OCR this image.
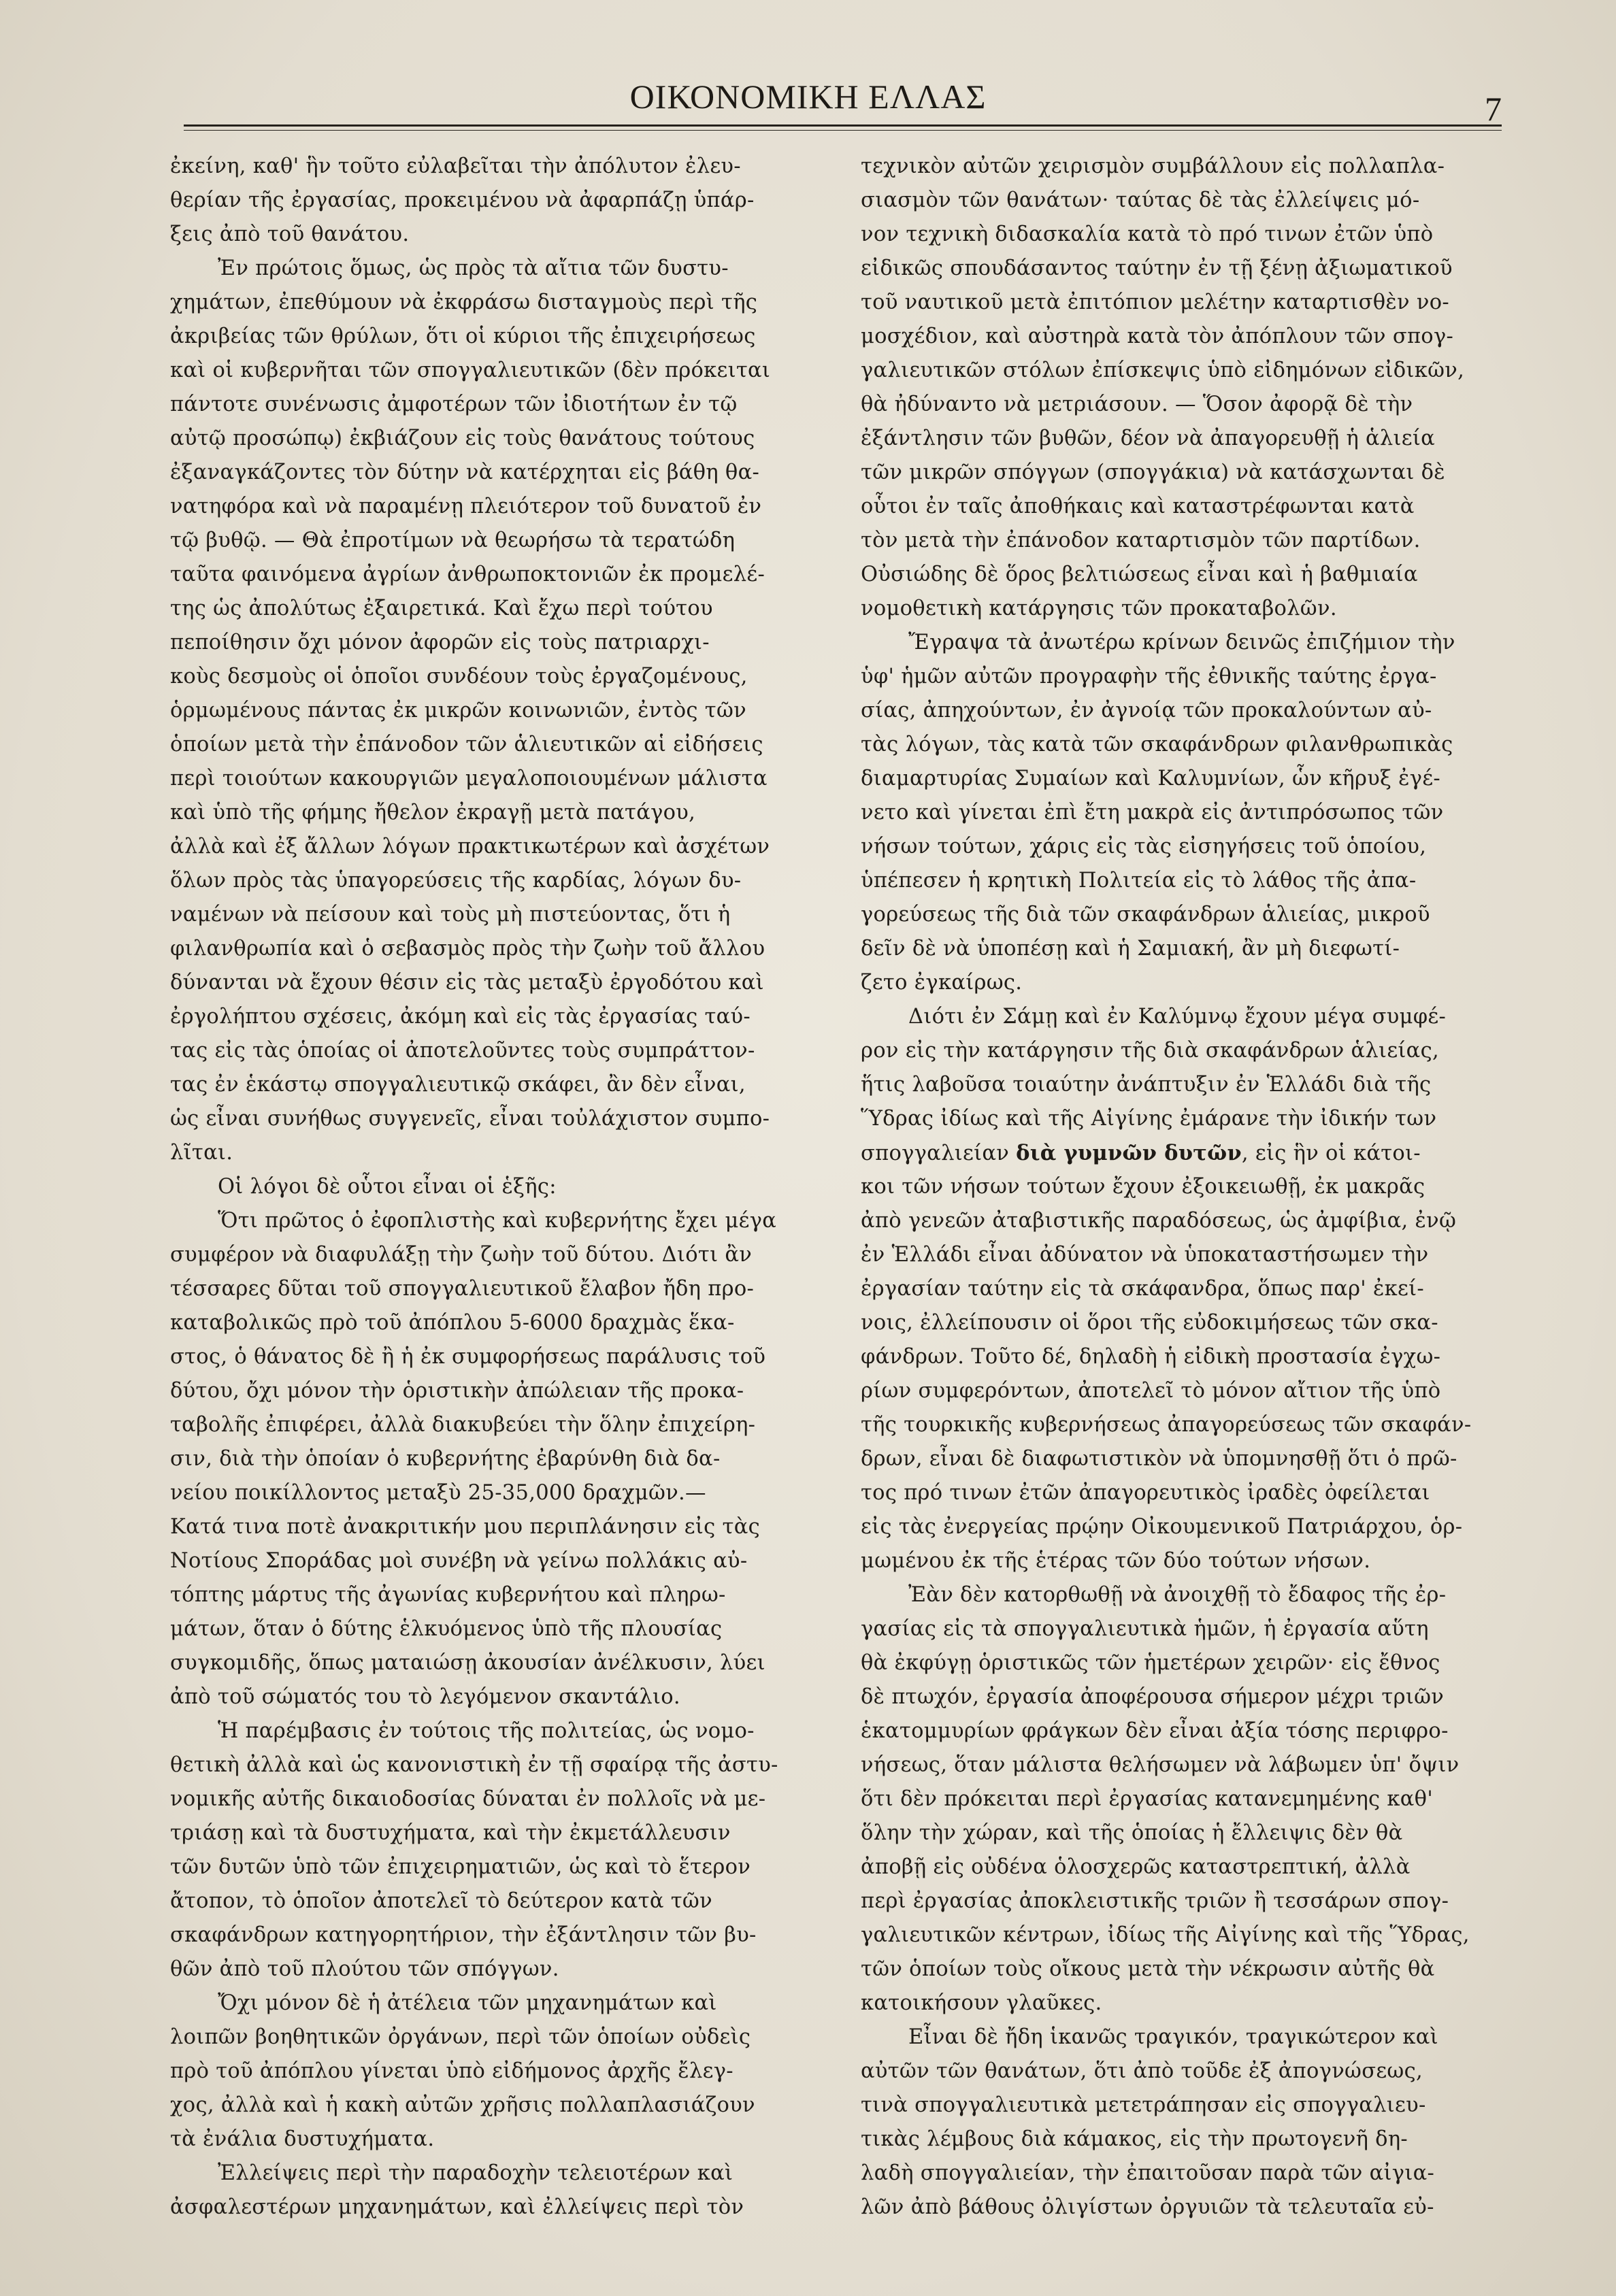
ΟΙΚΟΝΟΜΙΚΗ ΕΛΛΑΣ	7
ἐκείνη, καθ' ἣν τοῦτο εὐλαβεῖται τὴν ἀπόλυτον ἐλευ-
θερίαν τῆς ἐργασίας, προκειμένου νὰ ἀφαρπάζῃ ὑπάρ-
ξεις ἀπὸ τοῦ θανάτου.
Ἐν πρώτοις ὅμως, ὡς πρὸς τὰ αἴτια τῶν δυστυ-
χημάτων, ἐπεθύμουν νὰ ἐκφράσω δισταγμοὺς περὶ τῆς
ἀκριβείας τῶν θρύλων, ὅτι οἱ κύριοι τῆς ἐπιχειρήσεως
καὶ οἱ κυβερνῆται τῶν σπογγαλιευτικῶν (δὲν πρόκειται
πάντοτε συνένωσις ἀμφοτέρων τῶν ἰδιοτήτων ἐν τῷ
αὐτῷ προσώπῳ) ἐκβιάζουν εἰς τοὺς θανάτους τούτους
ἐξαναγκάζοντες τὸν δύτην νὰ κατέρχηται εἰς βάθη θα-
νατηφόρα καὶ νὰ παραμένῃ πλειότερον τοῦ δυνατοῦ ἐν
τῷ βυθῷ. — Θὰ ἐπροτίμων νὰ θεωρήσω τὰ τερατώδη
ταῦτα φαινόμενα ἀγρίων ἀνθρωποκτονιῶν ἐκ προμελέ-
της ὡς ἀπολύτως ἐξαιρετικά. Καὶ ἔχω περὶ τούτου
πεποίθησιν ὄχι μόνον ἀφορῶν εἰς τοὺς πατριαρχι-
κοὺς δεσμοὺς οἱ ὁποῖοι συνδέουν τοὺς ἐργαζομένους,
ὁρμωμένους πάντας ἐκ μικρῶν κοινωνιῶν, ἐντὸς τῶν
ὁποίων μετὰ τὴν ἐπάνοδον τῶν ἁλιευτικῶν αἱ εἰδήσεις
περὶ τοιούτων κακουργιῶν μεγαλοποιουμένων μάλιστα
καὶ ὑπὸ τῆς φήμης ἤθελον ἐκραγῇ μετὰ πατάγου,
ἀλλὰ καὶ ἐξ ἄλλων λόγων πρακτικωτέρων καὶ ἀσχέτων
ὅλων πρὸς τὰς ὑπαγορεύσεις τῆς καρδίας, λόγων δυ-
ναμένων νὰ πείσουν καὶ τοὺς μὴ πιστεύοντας, ὅτι ἡ
φιλανθρωπία καὶ ὁ σεβασμὸς πρὸς τὴν ζωὴν τοῦ ἄλλου
δύνανται νὰ ἔχουν θέσιν εἰς τὰς μεταξὺ ἐργοδότου καὶ
ἐργολήπτου σχέσεις, ἀκόμη καὶ εἰς τὰς ἐργασίας ταύ-
τας εἰς τὰς ὁποίας οἱ ἀποτελοῦντες τοὺς συμπράττον-
τας ἐν ἑκάστῳ σπογγαλιευτικῷ σκάφει, ἂν δὲν εἶναι,
ὡς εἶναι συνήθως συγγενεῖς, εἶναι τοὐλάχιστον συμπο-
λῖται.
Οἱ λόγοι δὲ οὗτοι εἶναι οἱ ἑξῆς:
Ὅτι πρῶτος ὁ ἐφοπλιστὴς καὶ κυβερνήτης ἔχει μέγα
συμφέρον νὰ διαφυλάξῃ τὴν ζωὴν τοῦ δύτου. Διότι ἂν
τέσσαρες δῦται τοῦ σπογγαλιευτικοῦ ἔλαβον ἤδη προ-
καταβολικῶς πρὸ τοῦ ἀπόπλου 5-6000 δραχμὰς ἕκα-
στος, ὁ θάνατος δὲ ἢ ἡ ἐκ συμφορήσεως παράλυσις τοῦ
δύτου, ὄχι μόνον τὴν ὁριστικὴν ἀπώλειαν τῆς προκα-
ταβολῆς ἐπιφέρει, ἀλλὰ διακυβεύει τὴν ὅλην ἐπιχείρη-
σιν, διὰ τὴν ὁποίαν ὁ κυβερνήτης ἐβαρύνθη διὰ δα-
νείου ποικίλλοντος μεταξὺ 25-35,000 δραχμῶν.—
Κατά τινα ποτὲ ἀνακριτικήν μου περιπλάνησιν εἰς τὰς
Νοτίους Σποράδας μοὶ συνέβη νὰ γείνω πολλάκις αὐ-
τόπτης μάρτυς τῆς ἀγωνίας κυβερνήτου καὶ πληρω-
μάτων, ὅταν ὁ δύτης ἑλκυόμενος ὑπὸ τῆς πλουσίας
συγκομιδῆς, ὅπως ματαιώσῃ ἀκουσίαν ἀνέλκυσιν, λύει
ἀπὸ τοῦ σώματός του τὸ λεγόμενον σκαντάλιο.
Ἡ παρέμβασις ἐν τούτοις τῆς πολιτείας, ὡς νομο-
θετικὴ ἀλλὰ καὶ ὡς κανονιστικὴ ἐν τῇ σφαίρᾳ τῆς ἀστυ-
νομικῆς αὐτῆς δικαιοδοσίας δύναται ἐν πολλοῖς νὰ με-
τριάσῃ καὶ τὰ δυστυχήματα, καὶ τὴν ἐκμετάλλευσιν
τῶν δυτῶν ὑπὸ τῶν ἐπιχειρηματιῶν, ὡς καὶ τὸ ἕτερον
ἄτοπον, τὸ ὁποῖον ἀποτελεῖ τὸ δεύτερον κατὰ τῶν
σκαφάνδρων κατηγορητήριον, τὴν ἐξάντλησιν τῶν βυ-
θῶν ἀπὸ τοῦ πλούτου τῶν σπόγγων.
Ὄχι μόνον δὲ ἡ ἀτέλεια τῶν μηχανημάτων καὶ
λοιπῶν βοηθητικῶν ὀργάνων, περὶ τῶν ὁποίων οὐδεὶς
πρὸ τοῦ ἀπόπλου γίνεται ὑπὸ εἰδήμονος ἀρχῆς ἔλεγ-
χος, ἀλλὰ καὶ ἡ κακὴ αὐτῶν χρῆσις πολλαπλασιάζουν
τὰ ἐνάλια δυστυχήματα.
Ἐλλείψεις περὶ τὴν παραδοχὴν τελειοτέρων καὶ
ἀσφαλεστέρων μηχανημάτων, καὶ ἐλλείψεις περὶ τὸν
τεχνικὸν αὐτῶν χειρισμὸν συμβάλλουν εἰς πολλαπλα-
σιασμὸν τῶν θανάτων· ταύτας δὲ τὰς ἐλλείψεις μό-
νον τεχνικὴ διδασκαλία κατὰ τὸ πρό τινων ἐτῶν ὑπὸ
εἰδικῶς σπουδάσαντος ταύτην ἐν τῇ ξένῃ ἀξιωματικοῦ
τοῦ ναυτικοῦ μετὰ ἐπιτόπιον μελέτην καταρτισθὲν νο-
μοσχέδιον, καὶ αὐστηρὰ κατὰ τὸν ἀπόπλουν τῶν σπογ-
γαλιευτικῶν στόλων ἐπίσκεψις ὑπὸ εἰδημόνων εἰδικῶν,
θὰ ἠδύναντο νὰ μετριάσουν. — Ὅσον ἀφορᾷ δὲ τὴν
ἐξάντλησιν τῶν βυθῶν, δέον νὰ ἀπαγορευθῇ ἡ ἁλιεία
τῶν μικρῶν σπόγγων (σπογγάκια) νὰ κατάσχωνται δὲ
οὗτοι ἐν ταῖς ἀποθήκαις καὶ καταστρέφωνται κατὰ
τὸν μετὰ τὴν ἐπάνοδον καταρτισμὸν τῶν παρτίδων.
Οὐσιώδης δὲ ὅρος βελτιώσεως εἶναι καὶ ἡ βαθμιαία
νομοθετικὴ κατάργησις τῶν προκαταβολῶν.
Ἔγραψα τὰ ἀνωτέρω κρίνων δεινῶς ἐπιζήμιον τὴν
ὑφ' ἡμῶν αὐτῶν προγραφὴν τῆς ἐθνικῆς ταύτης ἐργα-
σίας, ἀπηχούντων, ἐν ἀγνοίᾳ τῶν προκαλούντων αὐ-
τὰς λόγων, τὰς κατὰ τῶν σκαφάνδρων φιλανθρωπικὰς
διαμαρτυρίας Συμαίων καὶ Καλυμνίων, ὧν κῆρυξ ἐγέ-
νετο καὶ γίνεται ἐπὶ ἔτη μακρὰ εἰς ἀντιπρόσωπος τῶν
νήσων τούτων, χάρις εἰς τὰς εἰσηγήσεις τοῦ ὁποίου,
ὑπέπεσεν ἡ κρητικὴ Πολιτεία εἰς τὸ λάθος τῆς ἀπα-
γορεύσεως τῆς διὰ τῶν σκαφάνδρων ἁλιείας, μικροῦ
δεῖν δὲ νὰ ὑποπέσῃ καὶ ἡ Σαμιακή, ἂν μὴ διεφωτί-
ζετο ἐγκαίρως.
Διότι ἐν Σάμῃ καὶ ἐν Καλύμνῳ ἔχουν μέγα συμφέ-
ρον εἰς τὴν κατάργησιν τῆς διὰ σκαφάνδρων ἁλιείας,
ἥτις λαβοῦσα τοιαύτην ἀνάπτυξιν ἐν Ἑλλάδι διὰ τῆς
Ὕδρας ἰδίως καὶ τῆς Αἰγίνης ἐμάρανε τὴν ἰδικήν των
σπογγαλιείαν διὰ γυμνῶν δυτῶν, εἰς ἣν οἱ κάτοι-
κοι τῶν νήσων τούτων ἔχουν ἐξοικειωθῇ, ἐκ μακρᾶς
ἀπὸ γενεῶν ἀταβιστικῆς παραδόσεως, ὡς ἀμφίβια, ἐνῷ
ἐν Ἑλλάδι εἶναι ἀδύνατον νὰ ὑποκαταστήσωμεν τὴν
ἐργασίαν ταύτην εἰς τὰ σκάφανδρα, ὅπως παρ' ἐκεί-
νοις, ἐλλείπουσιν οἱ ὅροι τῆς εὐδοκιμήσεως τῶν σκα-
φάνδρων. Τοῦτο δέ, δηλαδὴ ἡ εἰδικὴ προστασία ἐγχω-
ρίων συμφερόντων, ἀποτελεῖ τὸ μόνον αἴτιον τῆς ὑπὸ
τῆς τουρκικῆς κυβερνήσεως ἀπαγορεύσεως τῶν σκαφάν-
δρων, εἶναι δὲ διαφωτιστικὸν νὰ ὑπομνησθῇ ὅτι ὁ πρῶ-
τος πρό τινων ἐτῶν ἀπαγορευτικὸς ἰραδὲς ὀφείλεται
εἰς τὰς ἐνεργείας πρῴην Οἰκουμενικοῦ Πατριάρχου, ὁρ-
μωμένου ἐκ τῆς ἑτέρας τῶν δύο τούτων νήσων.
Ἐὰν δὲν κατορθωθῇ νὰ ἀνοιχθῇ τὸ ἔδαφος τῆς ἐρ-
γασίας εἰς τὰ σπογγαλιευτικὰ ἡμῶν, ἡ ἐργασία αὕτη
θὰ ἐκφύγῃ ὁριστικῶς τῶν ἡμετέρων χειρῶν· εἰς ἔθνος
δὲ πτωχόν, ἐργασία ἀποφέρουσα σήμερον μέχρι τριῶν
ἑκατομμυρίων φράγκων δὲν εἶναι ἀξία τόσης περιφρο-
νήσεως, ὅταν μάλιστα θελήσωμεν νὰ λάβωμεν ὑπ' ὄψιν
ὅτι δὲν πρόκειται περὶ ἐργασίας κατανεμημένης καθ'
ὅλην τὴν χώραν, καὶ τῆς ὁποίας ἡ ἔλλειψις δὲν θὰ
ἀποβῇ εἰς οὐδένα ὁλοσχερῶς καταστρεπτική, ἀλλὰ
περὶ ἐργασίας ἀποκλειστικῆς τριῶν ἢ τεσσάρων σπογ-
γαλιευτικῶν κέντρων, ἰδίως τῆς Αἰγίνης καὶ τῆς Ὕδρας,
τῶν ὁποίων τοὺς οἴκους μετὰ τὴν νέκρωσιν αὐτῆς θὰ
κατοικήσουν γλαῦκες.
Εἶναι δὲ ἤδη ἱκανῶς τραγικόν, τραγικώτερον καὶ
αὐτῶν τῶν θανάτων, ὅτι ἀπὸ τοῦδε ἐξ ἀπογνώσεως,
τινὰ σπογγαλιευτικὰ μετετράπησαν εἰς σπογγαλιευ-
τικὰς λέμβους διὰ κάμακος, εἰς τὴν πρωτογενῆ δη-
λαδὴ σπογγαλιείαν, τὴν ἐπαιτοῦσαν παρὰ τῶν αἰγια-
λῶν ἀπὸ βάθους ὀλιγίστων ὀργυιῶν τὰ τελευταῖα εὐ-
